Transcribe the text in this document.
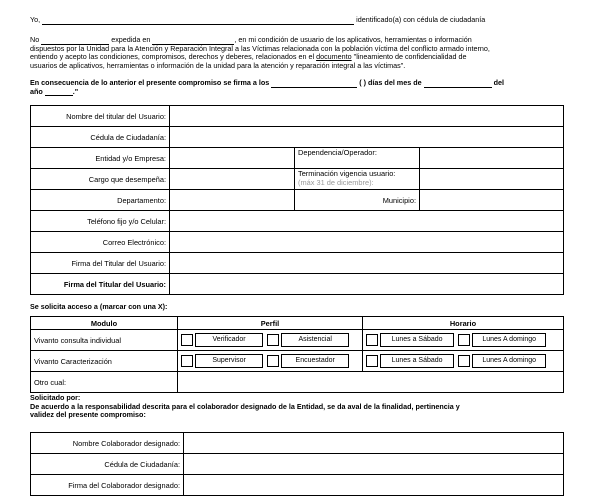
Yo,	identificado(a) con cédula de ciudadanía
No	expedida en	, en mi condición de usuario de los aplicativos, herramientas o información
dispuestos por la Unidad para la Atención y Reparación Integral a las Víctimas relacionada con la población víctima del conflicto armado interno,
entiendo y acepto las condiciones, compromisos, derechos y deberes, relacionados en el documento "lineamiento de confidencialidad de
usuarios de aplicativos, herramientas o información de la unidad para la atención y reparación integral a las víctimas".
En consecuencia de lo anterior el presente compromiso se firma a los	( ) días del mes de	del
año	."
Nombre del titular del Usuario:			
Cédula de Ciudadanía:			
Entidad y/o Empresa:		Dependencia/Operador:	
Cargo que desempeña:		Terminación vigencia usuario:
(máx 31 de diciembre):	
Departamento:		Municipio:	
Teléfono fijo y/o Celular:			
Correo Electrónico:			
Firma del Titular del Usuario:			
Firma del Titular del Usuario:			
Se solicita acceso a (marcar con una X):
Modulo	Perfil	Horario
Vivanto consulta individual	Verificador Asistencial	Lunes a Sábado Lunes A domingo
Vivanto Caracterización	Supervisor Encuestador	Lunes a Sábado Lunes A domingo
Otro cual:		
Solicitado por:
De acuerdo a la responsabilidad descrita para el colaborador designado de la Entidad, se da aval de la finalidad, pertinencia y
validez del presente compromiso:
Nombre Colaborador designado:	
Cédula de Ciudadanía:	
Firma del Colaborador designado:	
